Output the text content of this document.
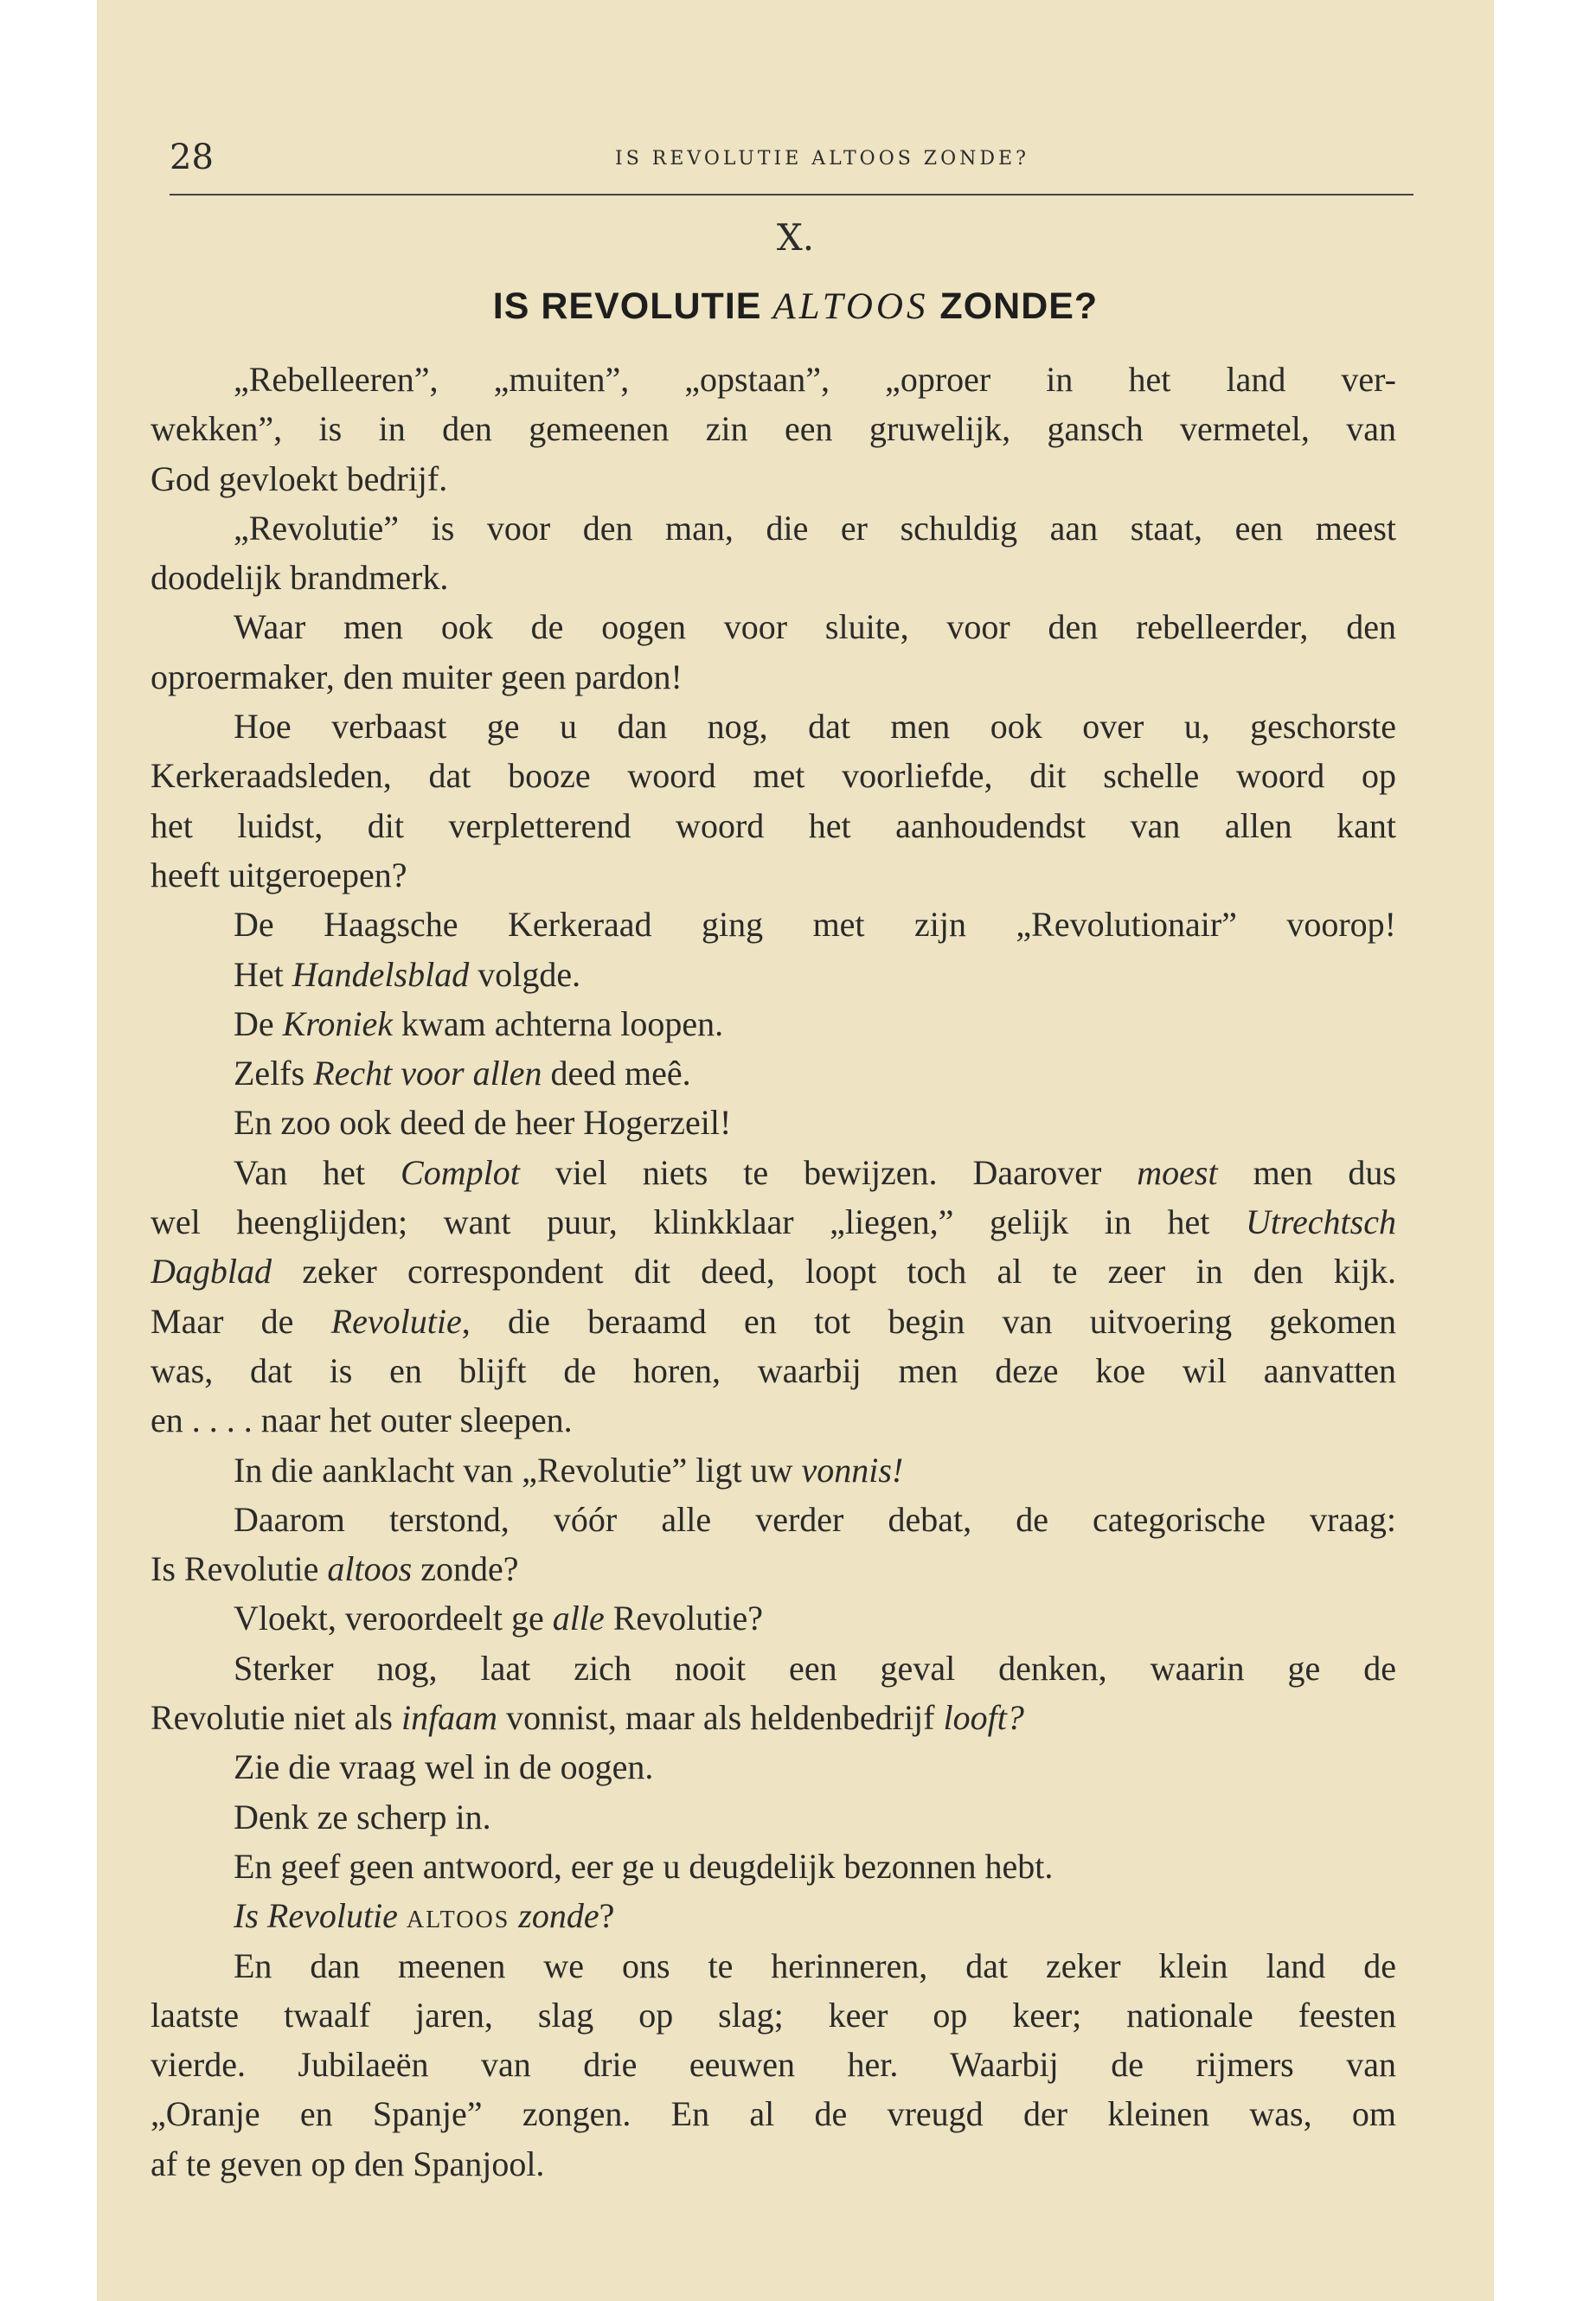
28	IS REVOLUTIE ALTOOS ZONDE?
X.
IS REVOLUTIE ALTOOS ZONDE?
„Rebelleeren”, „muiten”, „opstaan”, „oproer in het land ver-
wekken”, is in den gemeenen zin een gruwelijk, gansch vermetel, van
God gevloekt bedrijf.
„Revolutie” is voor den man, die er schuldig aan staat, een meest
doodelijk brandmerk.
Waar men ook de oogen voor sluite, voor den rebelleerder, den
oproermaker, den muiter geen pardon!
Hoe verbaast ge u dan nog, dat men ook over u, geschorste
Kerkeraadsleden, dat booze woord met voorliefde, dit schelle woord op
het luidst, dit verpletterend woord het aanhoudendst van allen kant
heeft uitgeroepen?
De Haagsche Kerkeraad ging met zijn „Revolutionair” voorop!
Het Handelsblad volgde.
De Kroniek kwam achterna loopen.
Zelfs Recht voor allen deed meê.
En zoo ook deed de heer Hogerzeil!
Van het Complot viel niets te bewijzen. Daarover moest men dus
wel heenglijden; want puur, klinkklaar „liegen,” gelijk in het Utrechtsch
Dagblad zeker correspondent dit deed, loopt toch al te zeer in den kijk.
Maar de Revolutie, die beraamd en tot begin van uitvoering gekomen
was, dat is en blijft de horen, waarbij men deze koe wil aanvatten
en . . . . naar het outer sleepen.
In die aanklacht van „Revolutie” ligt uw vonnis!
Daarom terstond, vóór alle verder debat, de categorische vraag:
Is Revolutie altoos zonde?
Vloekt, veroordeelt ge alle Revolutie?
Sterker nog, laat zich nooit een geval denken, waarin ge de
Revolutie niet als infaam vonnist, maar als heldenbedrijf looft?
Zie die vraag wel in de oogen.
Denk ze scherp in.
En geef geen antwoord, eer ge u deugdelijk bezonnen hebt.
Is Revolutie ALTOOS zonde?
En dan meenen we ons te herinneren, dat zeker klein land de
laatste twaalf jaren, slag op slag; keer op keer; nationale feesten
vierde. Jubilaeën van drie eeuwen her. Waarbij de rijmers van
„Oranje en Spanje” zongen. En al de vreugd der kleinen was, om
af te geven op den Spanjool.
